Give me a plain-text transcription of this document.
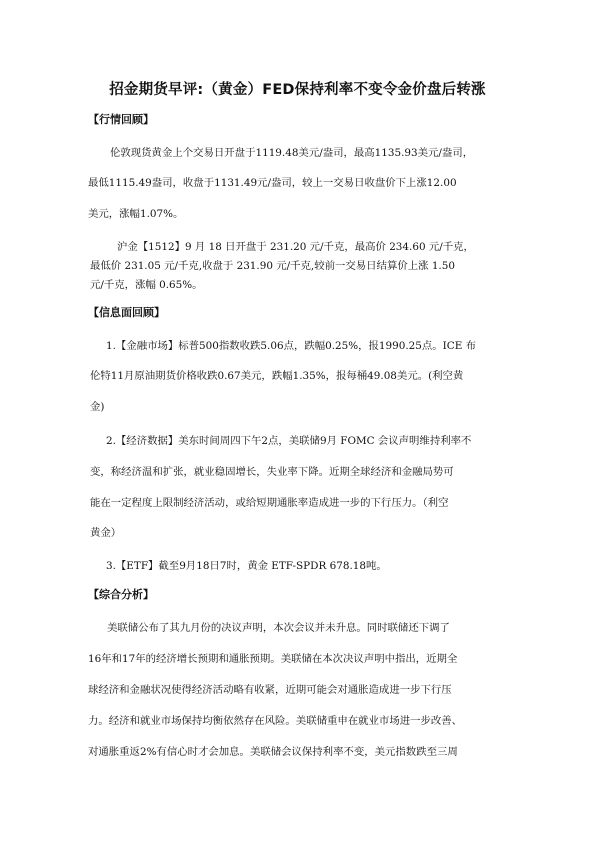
招金期货早评:（黄金）FED保持利率不变令金价盘后转涨
【行情回顾】
伦敦现货黄金上个交易日开盘于1119.48美元/盎司，最高1135.93美元/盎司，
最低1115.49盎司，收盘于1131.49元/盎司，较上一交易日收盘价下上涨12.00
美元，涨幅1.07%。
沪金【1512】9 月 18 日开盘于 231.20 元/千克，最高价 234.60 元/千克，
最低价 231.05 元/千克,收盘于 231.90 元/千克,较前一交易日结算价上涨 1.50
元/千克，涨幅 0.65%。
【信息面回顾】
1.【金融市场】标普500指数收跌5.06点，跌幅0.25%，报1990.25点。ICE 布
伦特11月原油期货价格收跌0.67美元，跌幅1.35%，报每桶49.08美元。(利空黄
金)
2.【经济数据】美东时间周四下午2点，美联储9月 FOMC 会议声明维持利率不
变，称经济温和扩张，就业稳固增长，失业率下降。近期全球经济和金融局势可
能在一定程度上限制经济活动，或给短期通胀率造成进一步的下行压力。（利空
黄金）
3.【ETF】截至9月18日7时，黄金 ETF-SPDR 678.18吨。
【综合分析】
美联储公布了其九月份的决议声明，本次会议并未升息。同时联储还下调了
16年和17年的经济增长预期和通胀预期。美联储在本次决议声明中指出，近期全
球经济和金融状况使得经济活动略有收紧，近期可能会对通胀造成进一步下行压
力。经济和就业市场保持均衡依然存在风险。美联储重申在就业市场进一步改善、
对通胀重返2%有信心时才会加息。美联储会议保持利率不变，美元指数跌至三周
